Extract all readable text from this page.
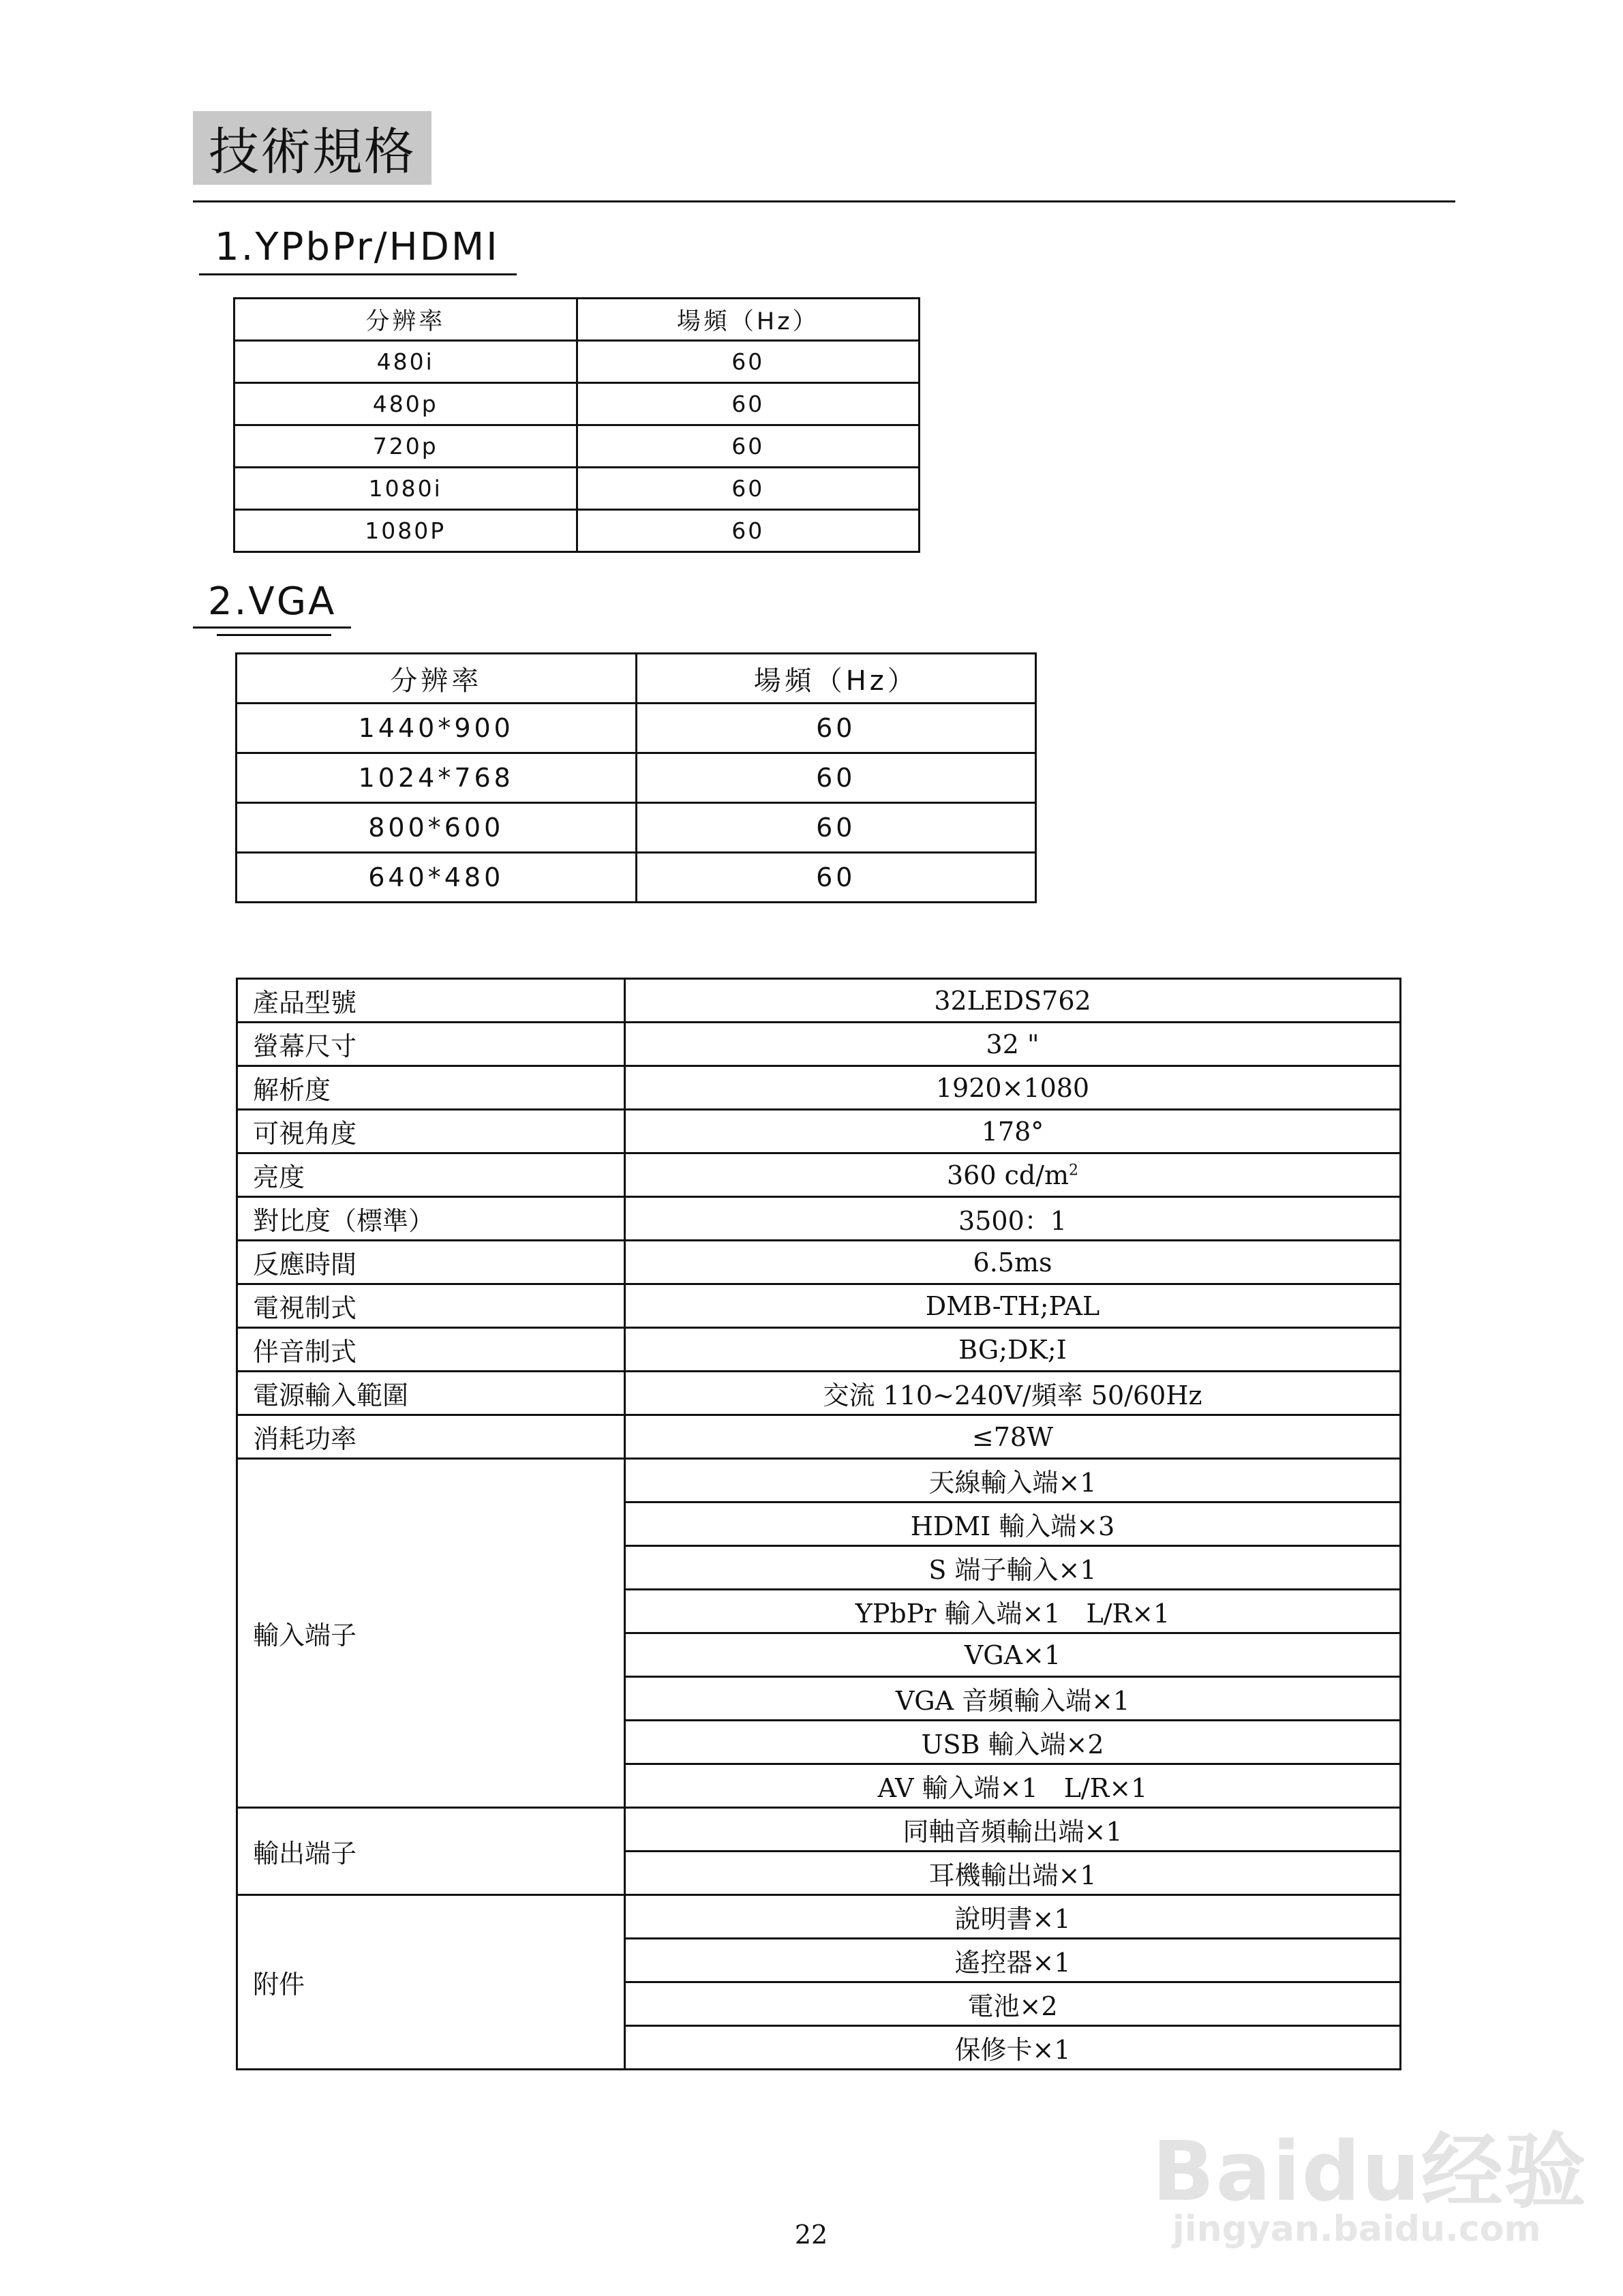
技術規格
1.YPbPr/HDMI
分辨率	場頻（Hz）
480i	60
480p	60
720p	60
1080i	60
1080P	60
2.VGA
分辨率	場頻（Hz）
1440*900	60
1024*768	60
800*600	60
640*480	60
產品型號	32LEDS762
螢幕尺寸	32 "
解析度	1920×1080
可視角度	178°
亮度	360 $cd/m^2$
對比度（標準）	3500：1
反應時間	6.5ms
電視制式	DMB-TH;PAL
伴音制式	BG;DK;I
電源輸入範圍	交流 110~240V/頻率 50/60Hz
消耗功率	≤78W
輸入端子	天線輸入端×1
	HDMI 輸入端×3
	S 端子輸入×1
	YPbPr 輸入端×1　L/R×1
	VGA×1
	VGA 音頻輸入端×1
	USB 輸入端×2
	AV 輸入端×1　L/R×1
輸出端子	同軸音頻輸出端×1
	耳機輸出端×1
附件	說明書×1
	遙控器×1
	電池×2
	保修卡×1
22
Baidu经验
jingyan.baidu.com
